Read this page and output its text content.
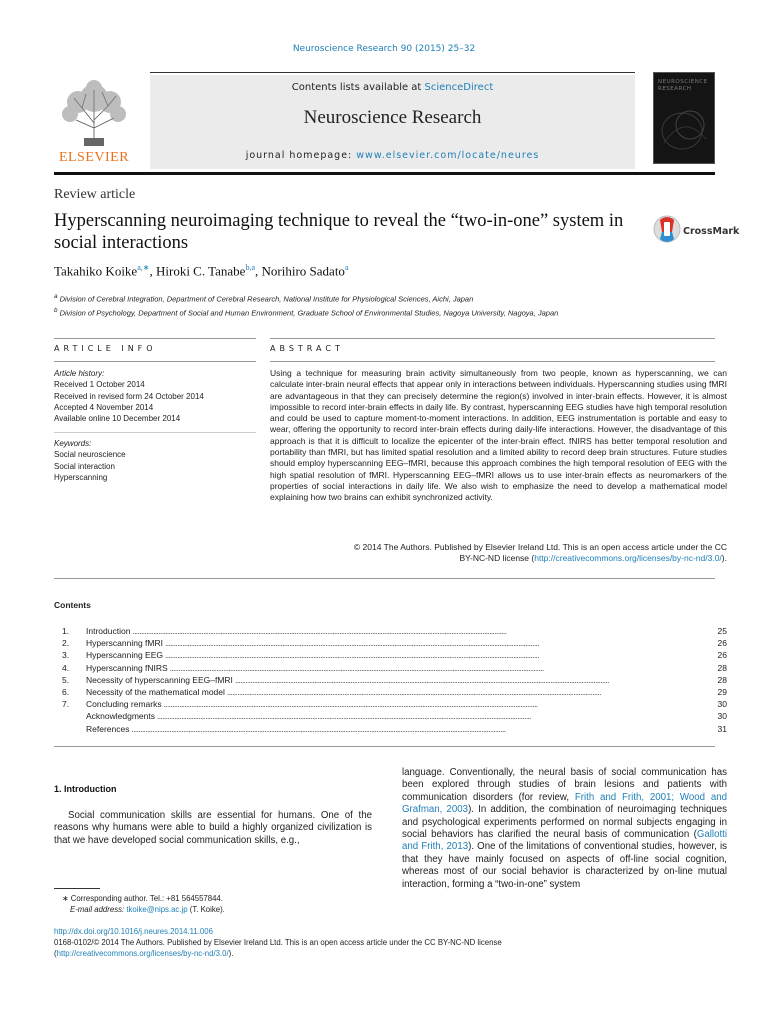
Neuroscience Research 90 (2015) 25–32
ELSEVIER
Contents lists available at ScienceDirect
Neuroscience Research
journal homepage: www.elsevier.com/locate/neures
NEUROSCIENCE RESEARCH
Review article
Hyperscanning neuroimaging technique to reveal the “two-in-one” system in social interactions
CrossMark
Takahiko Koike$^{a,∗}$, Hiroki C. Tanabe$^{b,a}$, Norihiro Sadato$^a$
$^a$ Division of Cerebral Integration, Department of Cerebral Research, National Institute for Physiological Sciences, Aichi, Japan
$^b$ Division of Psychology, Department of Social and Human Environment, Graduate School of Environmental Studies, Nagoya University, Nagoya, Japan
ARTICLE INFO	ABSTRACT
Article history:
Received 1 October 2014
Received in revised form 24 October 2014
Accepted 4 November 2014
Available online 10 December 2014
Keywords:
Social neuroscience
Social interaction
Hyperscanning
Using a technique for measuring brain activity simultaneously from two people, known as hyperscanning, we can calculate inter-brain neural effects that appear only in interactions between individuals. Hyperscanning studies using fMRI are advantageous in that they can precisely determine the region(s) involved in inter-brain effects. However, it is almost impossible to record inter-brain effects in daily life. By contrast, hyperscanning EEG studies have high temporal resolution and could be used to capture moment-to-moment interactions. In addition, EEG instrumentation is portable and easy to wear, offering the opportunity to record inter-brain effects during daily-life interactions. However, the disadvantage of this approach is that it is difficult to localize the epicenter of the inter-brain effect. fNIRS has better temporal resolution and portability than fMRI, but has limited spatial resolution and a limited ability to record deep brain structures. Future studies should employ hyperscanning EEG–fMRI, because this approach combines the high temporal resolution of EEG with the high spatial resolution of fMRI. Hyperscanning EEG–fMRI allows us to use inter-brain effects as neuromarkers of the properties of social interactions in daily life. We also wish to emphasize the need to develop a mathematical model explaining how two brains can exhibit synchronized activity.
© 2014 The Authors. Published by Elsevier Ireland Ltd. This is an open access article under the CC
BY-NC-ND license (http://creativecommons.org/licenses/by-nc-nd/3.0/).
Contents
1.	Introduction . . .	25
2.	Hyperscanning fMRI . . .	26
3.	Hyperscanning EEG . . .	26
4.	Hyperscanning fNIRS . . .	28
5.	Necessity of hyperscanning EEG–fMRI . . .	28
6.	Necessity of the mathematical model . . .	29
7.	Concluding remarks . . .	30
Acknowledgments . . .	30
References . . .	31
1. Introduction
Social communication skills are essential for humans. One of the reasons why humans were able to build a highly organized civilization is that we have developed social communication skills, e.g.,
language. Conventionally, the neural basis of social communication has been explored through studies of brain lesions and patients with communication disorders (for review, Frith and Frith, 2001; Wood and Grafman, 2003). In addition, the combination of neuroimaging techniques and psychological experiments performed on normal subjects engaging in social behaviors has clarified the neural basis of communication (Gallotti and Frith, 2013). One of the limitations of conventional studies, however, is that they have mainly focused on aspects of off-line social cognition, whereas most of our social behavior is characterized by on-line mutual interaction, forming a “two-in-one” system
∗ Corresponding author. Tel.: +81 564557844.
E-mail address: tkoike@nips.ac.jp (T. Koike).
http://dx.doi.org/10.1016/j.neures.2014.11.006
0168-0102/© 2014 The Authors. Published by Elsevier Ireland Ltd. This is an open access article under the CC BY-NC-ND license
(http://creativecommons.org/licenses/by-nc-nd/3.0/).
